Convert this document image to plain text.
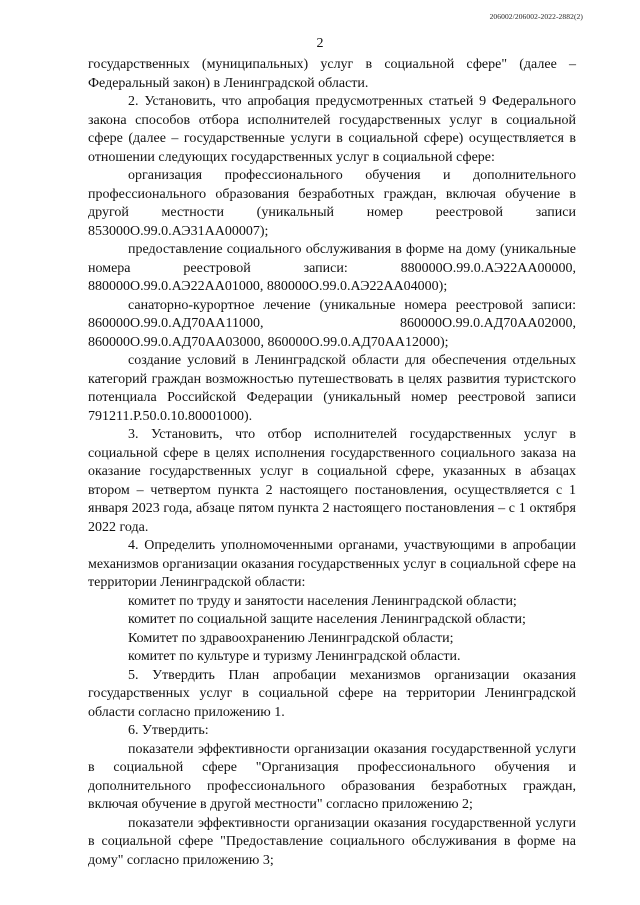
206002/206002-2022-2882(2)
2

государственных (муниципальных) услуг в социальной сфере" (далее – Федеральный закон) в Ленинградской области.

2. Установить, что апробация предусмотренных статьей 9 Федерального закона способов отбора исполнителей государственных услуг в социальной сфере (далее – государственные услуги в социальной сфере) осуществляется в отношении следующих государственных услуг в социальной сфере:

организация профессионального обучения и дополнительного профессионального образования безработных граждан, включая обучение в другой местности (уникальный номер реестровой записи 853000О.99.0.АЭ31АА00007);

предоставление социального обслуживания в форме на дому (уникальные номера реестровой записи: 880000О.99.0.АЭ22АА00000, 880000О.99.0.АЭ22АА01000, 880000О.99.0.АЭ22АА04000);

санаторно-курортное лечение (уникальные номера реестровой записи: 860000О.99.0.АД70АА11000, 860000О.99.0.АД70АА02000, 860000О.99.0.АД70АА03000, 860000О.99.0.АД70АА12000);

создание условий в Ленинградской области для обеспечения отдельных категорий граждан возможностью путешествовать в целях развития туристского потенциала Российской Федерации (уникальный номер реестровой записи 791211.Р.50.0.10.80001000).

3. Установить, что отбор исполнителей государственных услуг в социальной сфере в целях исполнения государственного социального заказа на оказание государственных услуг в социальной сфере, указанных в абзацах втором – четвертом пункта 2 настоящего постановления, осуществляется с 1 января 2023 года, абзаце пятом пункта 2 настоящего постановления – с 1 октября 2022 года.

4. Определить уполномоченными органами, участвующими в апробации механизмов организации оказания государственных услуг в социальной сфере на территории Ленинградской области:

комитет по труду и занятости населения Ленинградской области;

комитет по социальной защите населения Ленинградской области;

Комитет по здравоохранению Ленинградской области;

комитет по культуре и туризму Ленинградской области.

5. Утвердить План апробации механизмов организации оказания государственных услуг в социальной сфере на территории Ленинградской области согласно приложению 1.

6. Утвердить:

показатели эффективности организации оказания государственной услуги в социальной сфере "Организация профессионального обучения и дополнительного профессионального образования безработных граждан, включая обучение в другой местности" согласно приложению 2;

показатели эффективности организации оказания государственной услуги в социальной сфере "Предоставление социального обслуживания в форме на дому" согласно приложению 3;
